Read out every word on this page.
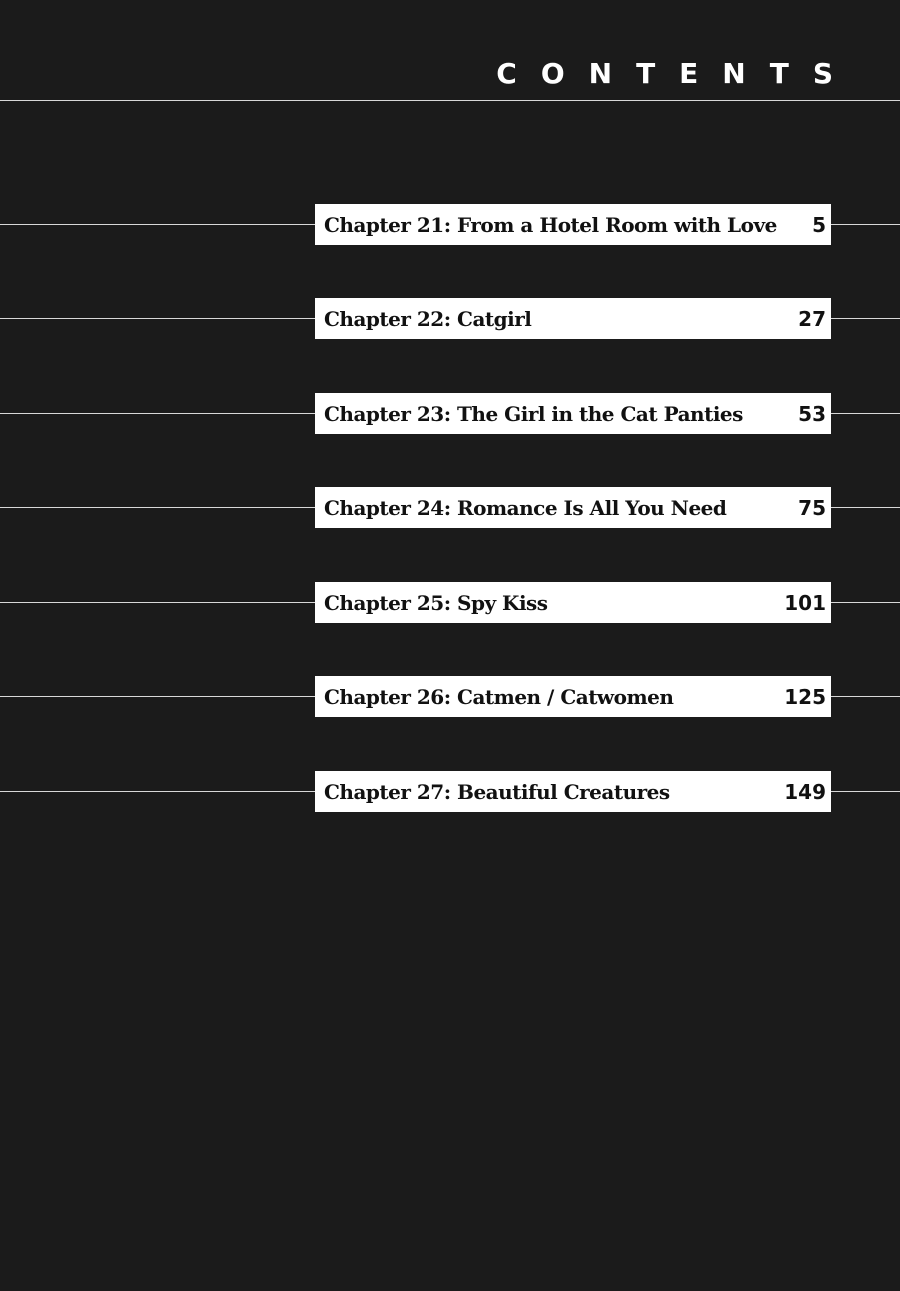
CONTENTS
Chapter 21: From a Hotel Room with Love 5
Chapter 22: Catgirl	27
Chapter 23: The Girl in the Cat Panties	53
Chapter 24: Romance Is All You Need	75
Chapter 25: Spy Kiss	101
Chapter 26: Catmen / Catwomen	125
Chapter 27: Beautiful Creatures	149
